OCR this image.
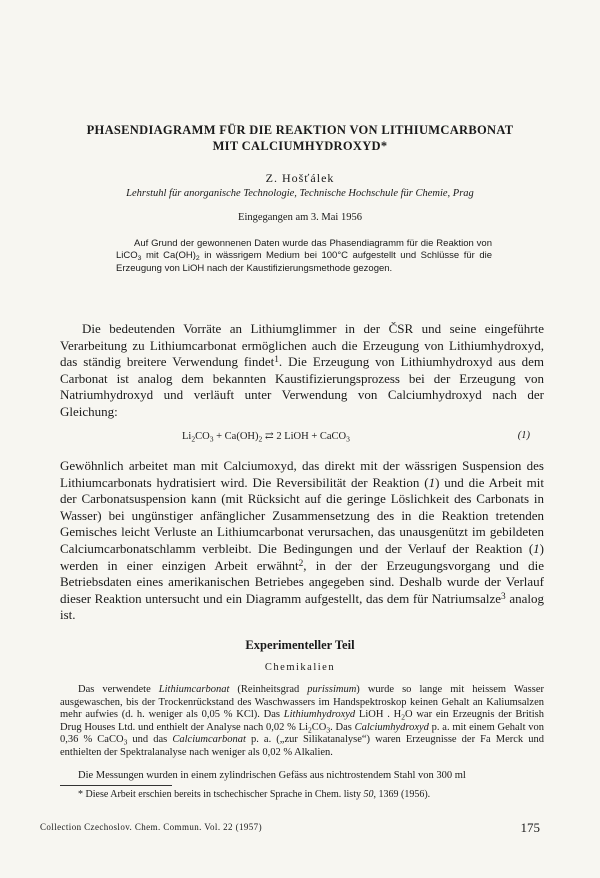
PHASENDIAGRAMM FÜR DIE REAKTION VON LITHIUMCARBONAT
MIT CALCIUMHYDROXYD*
Z. Hošťálek
Lehrstuhl für anorganische Technologie, Technische Hochschule für Chemie, Prag
Eingegangen am 3. Mai 1956
Auf Grund der gewonnenen Daten wurde das Phasendiagramm für die Reaktion von LiCO$_3$ mit $Ca(OH)_2$ in wässrigem Medium bei 100°C aufgestellt und Schlüsse für die Erzeugung von LiOH nach der Kaustifizierungsmethode gezogen.
Die bedeutenden Vorräte an Lithiumglimmer in der ČSR und seine eingeführte Verarbeitung zu Lithiumcarbonat ermöglichen auch die Erzeugung von Lithiumhydroxyd, das ständig breitere Verwendung findet$^1$. Die Erzeugung von Lithiumhydroxyd aus dem Carbonat ist analog dem bekannten Kaustifizierungsprozess bei der Erzeugung von Natriumhydroxyd und verläuft unter Verwendung von Calciumhydroxyd nach der Gleichung:
$Li_2CO_3 + Ca(OH)_2$ ⇄ 2 LiOH + CaCO$_3$	(1)
Gewöhnlich arbeitet man mit Calciumoxyd, das direkt mit der wässrigen Suspension des Lithiumcarbonats hydratisiert wird. Die Reversibilität der Reaktion (1) und die Arbeit mit der Carbonatsuspension kann (mit Rücksicht auf die geringe Löslichkeit des Carbonats in Wasser) bei ungünstiger anfänglicher Zusammensetzung des in die Reaktion tretenden Gemisches leicht Verluste an Lithiumcarbonat verursachen, das unausgenützt im gebildeten Calciumcarbonatschlamm verbleibt. Die Bedingungen und der Verlauf der Reaktion (1) werden in einer einzigen Arbeit erwähnt$^2$, in der der Erzeugungsvorgang und die Betriebsdaten eines amerikanischen Betriebes angegeben sind. Deshalb wurde der Verlauf dieser Reaktion untersucht und ein Diagramm aufgestellt, das dem für Natriumsalze$^3$ analog ist.
Experimenteller Teil
Chemikalien
Das verwendete Lithiumcarbonat (Reinheitsgrad purissimum) wurde so lange mit heissem Wasser ausgewaschen, bis der Trockenrückstand des Waschwassers im Handspektroskop keinen Gehalt an Kaliumsalzen mehr aufwies (d. h. weniger als 0,05 % KCl). Das Lithiumhydroxyd LiOH . $H_2O$ war ein Erzeugnis der British Drug Houses Ltd. und enthielt der Analyse nach 0,02 % $Li_2CO_3$. Das Calciumhydroxyd p. a. mit einem Gehalt von 0,36 % CaCO$_3$ und das Calciumcarbonat p. a. („zur Silikatanalyse“) waren Erzeugnisse der Fa Merck und enthielten der Spektralanalyse nach weniger als 0,02 % Alkalien.
Die Messungen wurden in einem zylindrischen Gefäss aus nichtrostendem Stahl von 300 ml
* Diese Arbeit erschien bereits in tschechischer Sprache in Chem. listy 50, 1369 (1956).
Collection Czechoslov. Chem. Commun. Vol. 22 (1957)	175
